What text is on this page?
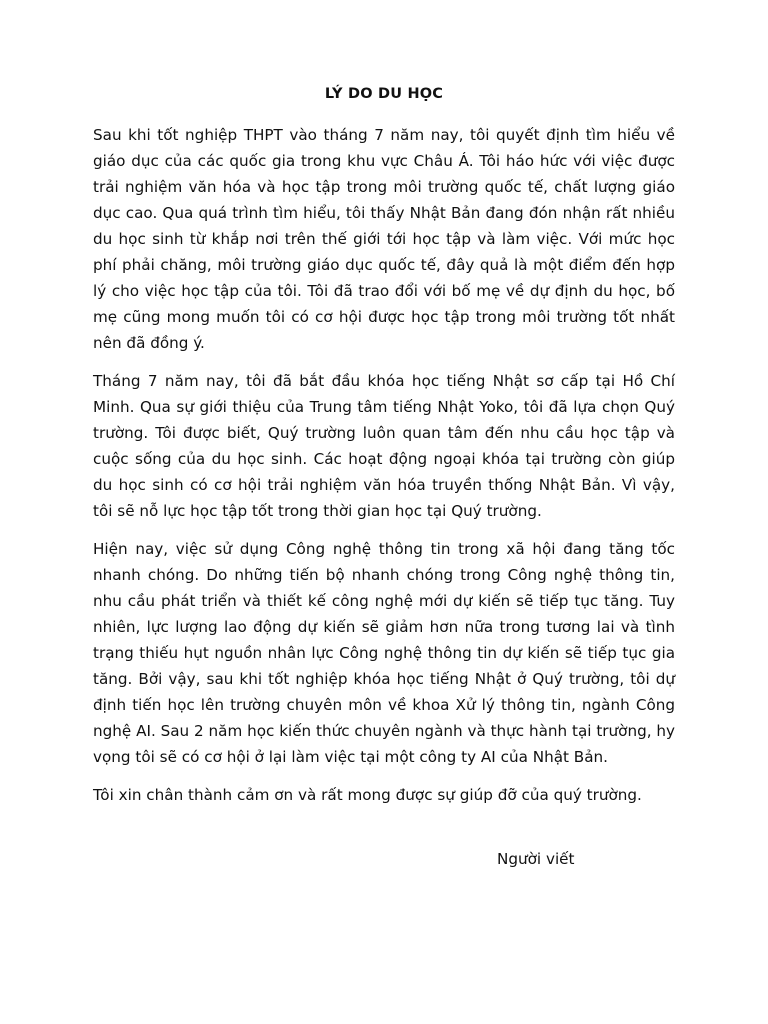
LÝ DO DU HỌC

Sau khi tốt nghiệp THPT vào tháng 7 năm nay, tôi quyết định tìm hiểu về giáo dục của các quốc gia trong khu vực Châu Á. Tôi háo hức với việc được trải nghiệm văn hóa và học tập trong môi trường quốc tế, chất lượng giáo dục cao. Qua quá trình tìm hiểu, tôi thấy Nhật Bản đang đón nhận rất nhiều du học sinh từ khắp nơi trên thế giới tới học tập và làm việc. Với mức học phí phải chăng, môi trường giáo dục quốc tế, đây quả là một điểm đến hợp lý cho việc học tập của tôi. Tôi đã trao đổi với bố mẹ về dự định du học, bố mẹ cũng mong muốn tôi có cơ hội được học tập trong môi trường tốt nhất nên đã đồng ý.

Tháng 7 năm nay, tôi đã bắt đầu khóa học tiếng Nhật sơ cấp tại Hồ Chí Minh. Qua sự giới thiệu của Trung tâm tiếng Nhật Yoko, tôi đã lựa chọn Quý trường. Tôi được biết, Quý trường luôn quan tâm đến nhu cầu học tập và cuộc sống của du học sinh. Các hoạt động ngoại khóa tại trường còn giúp du học sinh có cơ hội trải nghiệm văn hóa truyền thống Nhật Bản. Vì vậy, tôi sẽ nỗ lực học tập tốt trong thời gian học tại Quý trường.

Hiện nay, việc sử dụng Công nghệ thông tin trong xã hội đang tăng tốc nhanh chóng. Do những tiến bộ nhanh chóng trong Công nghệ thông tin, nhu cầu phát triển và thiết kế công nghệ mới dự kiến sẽ tiếp tục tăng. Tuy nhiên, lực lượng lao động dự kiến sẽ giảm hơn nữa trong tương lai và tình trạng thiếu hụt nguồn nhân lực Công nghệ thông tin dự kiến sẽ tiếp tục gia tăng. Bởi vậy, sau khi tốt nghiệp khóa học tiếng Nhật ở Quý trường, tôi dự định tiến học lên trường chuyên môn về khoa Xử lý thông tin, ngành Công nghệ AI. Sau 2 năm học kiến thức chuyên ngành và thực hành tại trường, hy vọng tôi sẽ có cơ hội ở lại làm việc tại một công ty AI của Nhật Bản.

Tôi xin chân thành cảm ơn và rất mong được sự giúp đỡ của quý trường.

Người viết
